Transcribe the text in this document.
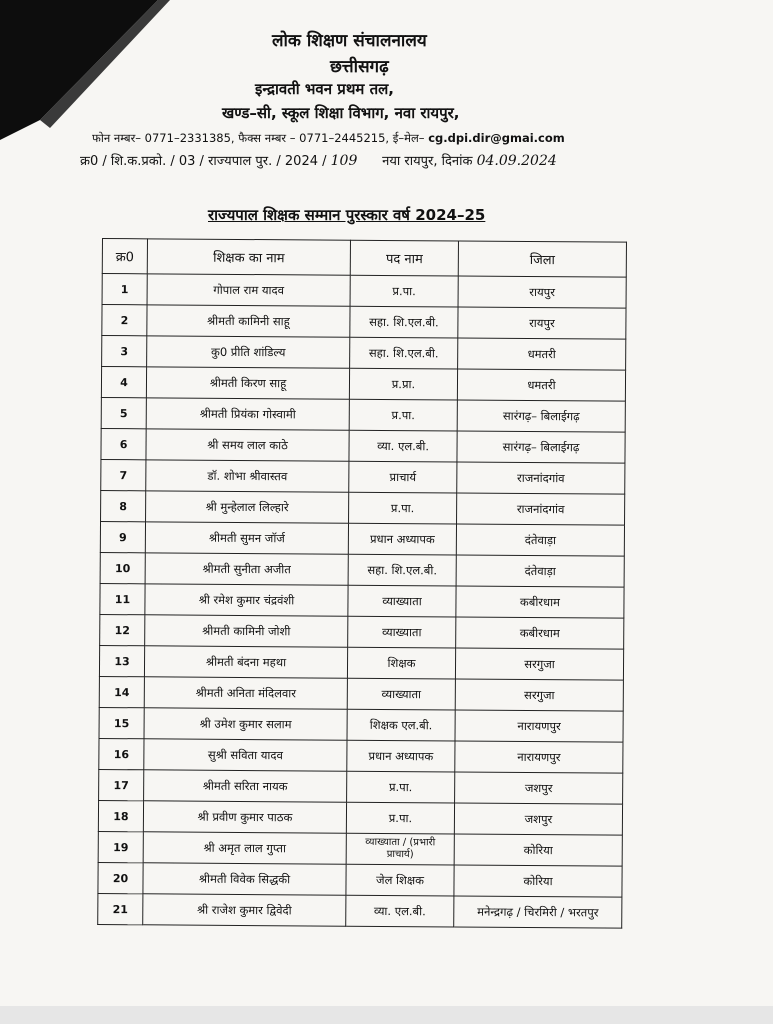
लोक शिक्षण संचालनालय
छत्तीसगढ़
इन्द्रावती भवन प्रथम तल,
खण्ड–सी, स्कूल शिक्षा विभाग, नवा रायपुर,
फोन नम्बर– 0771–2331385, फैक्स नम्बर – 0771–2445215, ई–मेल– cg.dpi.dir@gmai.com
क्र0 / शि.क.प्रको. / 03 / राज्यपाल पुर. / 2024 / 109 नया रायपुर, दिनांक 04.09.2024
राज्यपाल शिक्षक सम्मान पुरस्कार वर्ष 2024–25
क्र0	शिक्षक का नाम	पद नाम	जिला
1	गोपाल राम यादव	प्र.पा.	रायपुर
2	श्रीमती कामिनी साहू	सहा. शि.एल.बी.	रायपुर
3	कु0 प्रीति शांडिल्य	सहा. शि.एल.बी.	धमतरी
4	श्रीमती किरण साहू	प्र.प्रा.	धमतरी
5	श्रीमती प्रियंका गोस्वामी	प्र.पा.	सारंगढ़– बिलाईगढ़
6	श्री समय लाल काठे	व्या. एल.बी.	सारंगढ़– बिलाईगढ़
7	डॉ. शोभा श्रीवास्तव	प्राचार्य	राजनांदगांव
8	श्री मुन्हेलाल लिल्हारे	प्र.पा.	राजनांदगांव
9	श्रीमती सुमन जॉर्ज	प्रधान अध्यापक	दंतेवाड़ा
10	श्रीमती सुनीता अजीत	सहा. शि.एल.बी.	दंतेवाड़ा
11	श्री रमेश कुमार चंद्रवंशी	व्याख्याता	कबीरधाम
12	श्रीमती कामिनी जोशी	व्याख्याता	कबीरधाम
13	श्रीमती बंदना महथा	शिक्षक	सरगुजा
14	श्रीमती अनिता मंदिलवार	व्याख्याता	सरगुजा
15	श्री उमेश कुमार सलाम	शिक्षक एल.बी.	नारायणपुर
16	सुश्री सविता यादव	प्रधान अध्यापक	नारायणपुर
17	श्रीमती सरिता नायक	प्र.पा.	जशपुर
18	श्री प्रवीण कुमार पाठक	प्र.पा.	जशपुर
19	श्री अमृत लाल गुप्ता	व्याख्याता / (प्रभारी प्राचार्य)	कोरिया
20	श्रीमती विवेक सिद्धकी	जेल शिक्षक	कोरिया
21	श्री राजेश कुमार द्विवेदी	व्या. एल.बी.	मनेन्द्रगढ़ / चिरमिरी / भरतपुर
